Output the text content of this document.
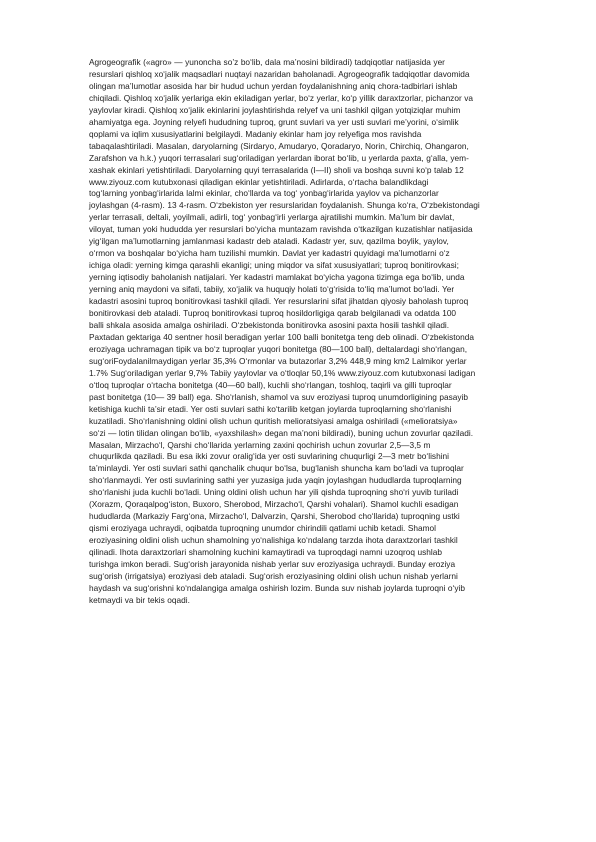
Agrogeografik («agro» — yunoncha so’z bo‘lib, dala ma’nosini bildiradi) tadqiqotlar natijasida yer
resurslari qishloq xo‘jalik maqsadlari nuqtayi nazaridan baholanadi. Agrogeografik tadqiqotlar davomida
olingan ma’lumotlar asosida har bir hudud uchun yerdan foydalanishning aniq chora-tadbirlari ishlab
chiqiladi. Qishloq xo‘jalik yerlariga ekin ekiladigan yerlar, bo‘z yerlar, ko‘p yillik daraxtzorlar, pichanzor va
yaylovlar kiradi. Qishloq xo‘jalik ekinlarini joylashtirishda relyef va uni tashkil qilgan yotqiziqlar muhim
ahamiyatga ega. Joyning relyefi hududning tuproq, grunt suvlari va yer usti suvlari me’yorini, o‘simlik
qoplami va iqlim xususiyatlarini belgilaydi. Madaniy ekinlar ham joy relyefiga mos ravishda
tabaqalashtiriladi. Masalan, daryolarning (Sirdaryo, Amudaryo, Qoradaryo, Norin, Chirchiq, Ohangaron,
Zarafshon va h.k.) yuqori terrasalari sug‘oriladigan yerlardan iborat bo‘lib, u yerlarda paxta, g‘alla, yem-
xashak ekinlari yetishtiriladi. Daryolarning quyi terrasalarida (I—II) sholi va boshqa suvni ko‘p talab 12
www.ziyouz.com kutubxonasi qiladigan ekinlar yetishtiriladi. Adirlarda, o‘rtacha balandlikdagi
tog‘larning yonbag‘irlarida lalmi ekinlar, cho‘llarda va tog‘ yonbag‘irlarida yaylov va pichanzorlar
joylashgan (4-rasm). 13 4-rasm. O‘zbekiston yer resurslaridan foydalanish. Shunga ko‘ra, O‘zbekistondagi
yerlar terrasali, deltali, yoyilmali, adirli, tog‘ yonbag‘irli yerlarga ajratilishi mumkin. Ma’lum bir davlat,
viloyat, tuman yoki hududda yer resurslari bo‘yicha muntazam ravishda o‘tkazilgan kuzatishlar natijasida
yig‘ilgan ma’lumotlarning jamlanmasi kadastr deb ataladi. Kadastr yer, suv, qazilma boylik, yaylov,
o‘rmon va boshqalar bo‘yicha ham tuzilishi mumkin. Davlat yer kadastri quyidagi ma’lumotlarni o‘z
ichiga oladi: yerning kimga qarashli ekanligi; uning miqdor va sifat xususiyatlari; tuproq bonitirovkasi;
yerning iqtisodiy baholanish natijalari. Yer kadastri mamlakat bo‘yicha yagona tizimga ega bo‘lib, unda
yerning aniq maydoni va sifati, tabiiy, xo‘jalik va huquqiy holati to‘g‘risida to‘liq ma’lumot bo‘ladi. Yer
kadastri asosini tuproq bonitirovkasi tashkil qiladi. Yer resurslarini sifat jihatdan qiyosiy baholash tuproq
bonitirovkasi deb ataladi. Tuproq bonitirovkasi tuproq hosildorligiga qarab belgilanadi va odatda 100
balli shkala asosida amalga oshiriladi. O‘zbekistonda bonitirovka asosini paxta hosili tashkil qiladi.
Paxtadan gektariga 40 sentner hosil beradigan yerlar 100 balli bonitetga teng deb olinadi. O‘zbekistonda
eroziyaga uchramagan tipik va bo‘z tuproqlar yuqori bonitetga (80—100 ball), deltalardagi sho‘rlangan,
sug‘oriFoydalanilmaydigan yerlar 35,3% O‘rmonlar va butazorlar 3,2% 448,9 ming km2 Lalmikor yerlar
1.7% Sug‘oriladigan yerlar 9,7% Tabiiy yaylovlar va o‘tloqlar 50,1% www.ziyouz.com kutubxonasi ladigan
o‘tloq tuproqlar o‘rtacha bonitetga (40—60 ball), kuchli sho‘rlangan, toshloq, taqirli va gilli tuproqlar
past bonitetga (10— 39 ball) ega. Sho‘rlanish, shamol va suv eroziyasi tuproq unumdorligining pasayib
ketishiga kuchli ta’sir etadi. Yer osti suvlari sathi ko‘tarilib ketgan joylarda tuproqlarning sho‘rlanishi
kuzatiladi. Sho‘rlanishning oldini olish uchun quritish melioratsiyasi amalga oshiriladi («melioratsiya»
so‘zi — lotin tilidan olingan bo‘lib, «yaxshilash» degan ma’noni bildiradi), buning uchun zovurlar qaziladi.
Masalan, Mirzacho‘l, Qarshi cho‘llarida yerlarning zaxini qochirish uchun zovurlar 2,5—3,5 m
chuqurlikda qaziladi. Bu esa ikki zovur oralig‘ida yer osti suvlarining chuqurligi 2—3 metr bo‘lishini
ta’minlaydi. Yer osti suvlari sathi qanchalik chuqur bo‘lsa, bug‘lanish shuncha kam bo‘ladi va tuproqlar
sho‘rlanmaydi. Yer osti suvlarining sathi yer yuzasiga juda yaqin joylashgan hududlarda tuproqlarning
sho‘rlanishi juda kuchli bo‘ladi. Uning oldini olish uchun har yili qishda tuproqning sho‘ri yuvib turiladi
(Xorazm, Qoraqalpog‘iston, Buxoro, Sherobod, Mirzacho‘l, Qarshi vohalari). Shamol kuchli esadigan
hududlarda (Markaziy Farg‘ona, Mirzacho‘l, Dalvarzin, Qarshi, Sherobod cho‘llarida) tuproqning ustki
qismi eroziyaga uchraydi, oqibatda tuproqning unumdor chirindili qatlami uchib ketadi. Shamol
eroziyasining oldini olish uchun shamolning yo‘nalishiga ko‘ndalang tarzda ihota daraxtzorlari tashkil
qilinadi. Ihota daraxtzorlari shamolning kuchini kamaytiradi va tuproqdagi namni uzoqroq ushlab
turishga imkon beradi. Sug‘orish jarayonida nishab yerlar suv eroziyasiga uchraydi. Bunday eroziya
sug‘orish (irrigatsiya) eroziyasi deb ataladi. Sug‘orish eroziyasining oldini olish uchun nishab yerlarni
haydash va sug‘orishni ko‘ndalangiga amalga oshirish lozim. Bunda suv nishab joylarda tuproqni o‘yib
ketmaydi va bir tekis oqadi.
